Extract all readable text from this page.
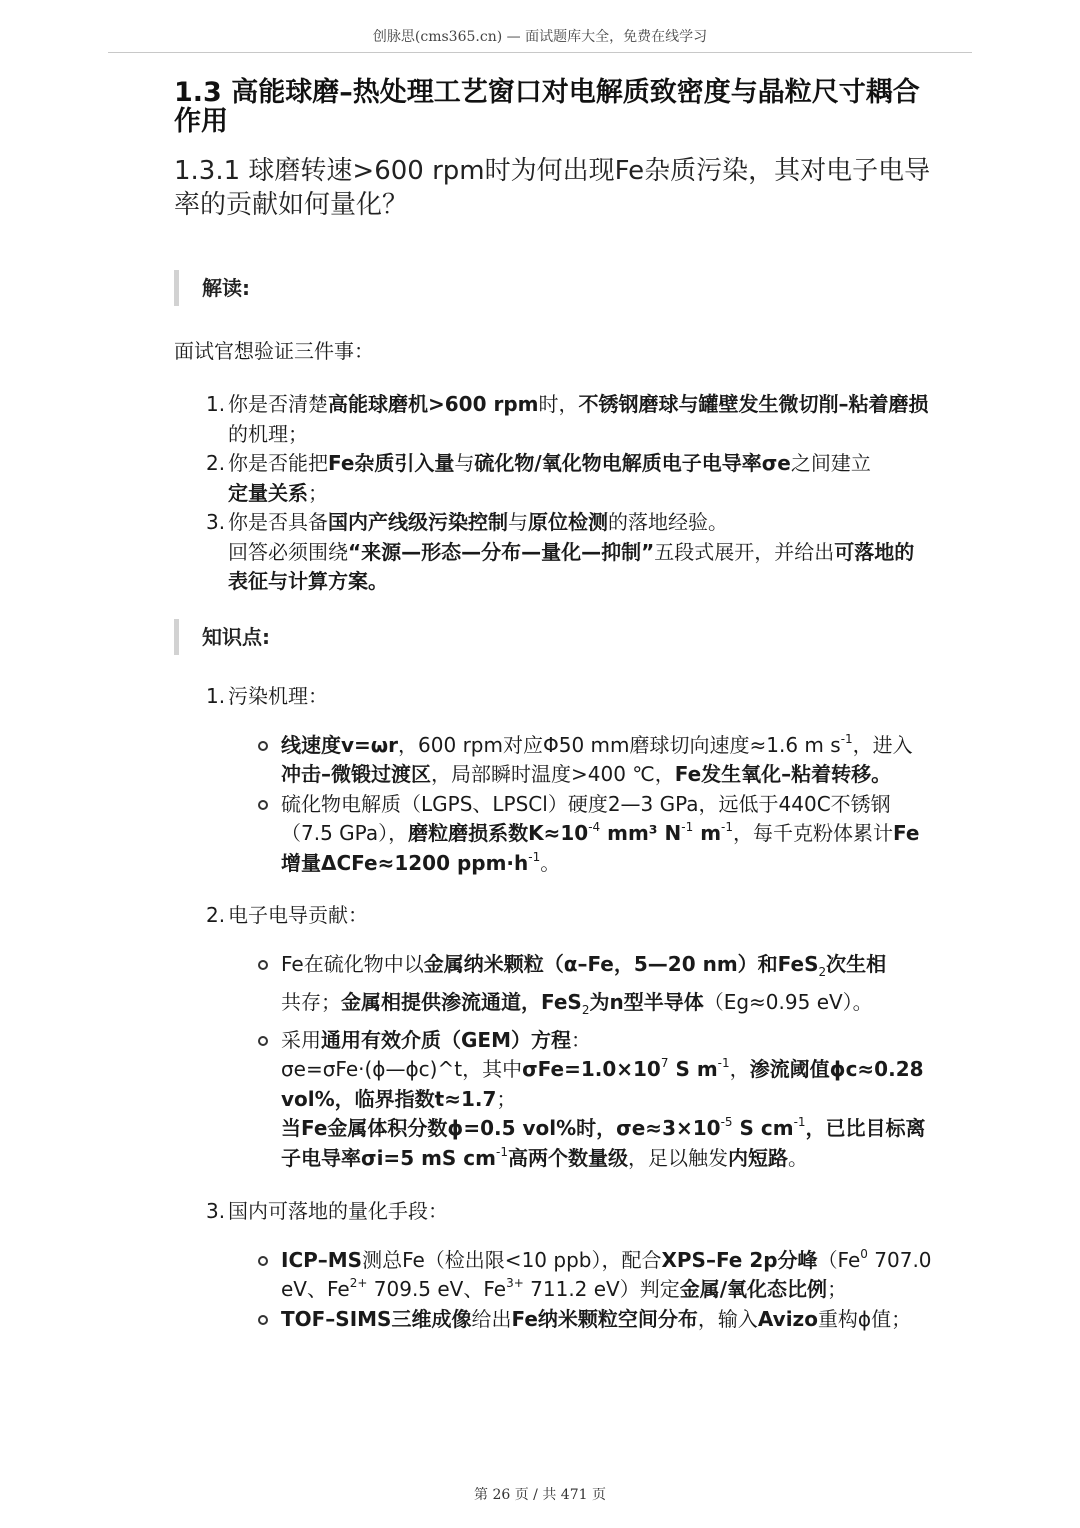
创脉思(cms365.cn) — 面试题库大全，免费在线学习
1.3 高能球磨–热处理工艺窗口对电解质致密度与晶粒尺寸耦合作用
1.3.1 球磨转速>600 rpm时为何出现Fe杂质污染，其对电子电导率的贡献如何量化？
解读:

面试官想验证三件事：

1. 你是否清楚高能球磨机>600 rpm时，不锈钢磨球与罐壁发生微切削–粘着磨损的机理；
2. 你是否能把Fe杂质引入量与硫化物/氧化物电解质电子电导率σe之间建立
定量关系；
3. 你是否具备国内产线级污染控制与原位检测的落地经验。
回答必须围绕“来源—形态—分布—量化—抑制”五段式展开，并给出可落地的表征与计算方案。
知识点:
1. 污染机理：
线速度v=ωr，600 rpm对应Φ50 mm磨球切向速度≈1.6 m $s^{-1}$，进入
冲击–微锻过渡区，局部瞬时温度>400 ℃，Fe发生氧化–粘着转移。
硫化物电解质（LGPS、LPSCl）硬度2—3 GPa，远低于440C不锈钢（7.5 GPa），磨粒磨损系数$K\approx 10^{-4}$ mm³ $N^{-1}$ $m^{-1}$，每千克粉体累计Fe增量ΔCFe≈1200 $ppm\cdot h^{-1}$。
2. 电子电导贡献：
Fe在硫化物中以金属纳米颗粒（α–Fe，5—20 nm）和FeS$_2$次生相
共存；金属相提供渗流通道，FeS$_2$为n型半导体（Eg≈0.95 eV）。
采用通用有效介质（GEM）方程：
σe=σFe·(ϕ—ϕc)^t，其中$\sigma Fe=1.0\times 10^7$ S $m^{-1}$，渗流阈值ϕc≈0.28 vol%，临界指数t≈1.7；
当Fe金属体积分数ϕ=0.5 vol%时，$\sigma e\approx 3\times 10^{-5}$ S $cm^{-1}$，已比目标离子电导率σi=5 mS $cm^{-1}$高两个数量级，足以触发内短路。
3. 国内可落地的量化手段：
ICP–MS测总Fe（检出限<10 ppb），配合XPS–Fe 2p分峰（Fe$^0$ 707.0 eV、$Fe^{2+}$ 709.5 eV、$Fe^{3+}$ 711.2 eV）判定金属/氧化态比例；
TOF–SIMS三维成像给出Fe纳米颗粒空间分布，输入Avizo重构ϕ值；
第 26 页 / 共 471 页
